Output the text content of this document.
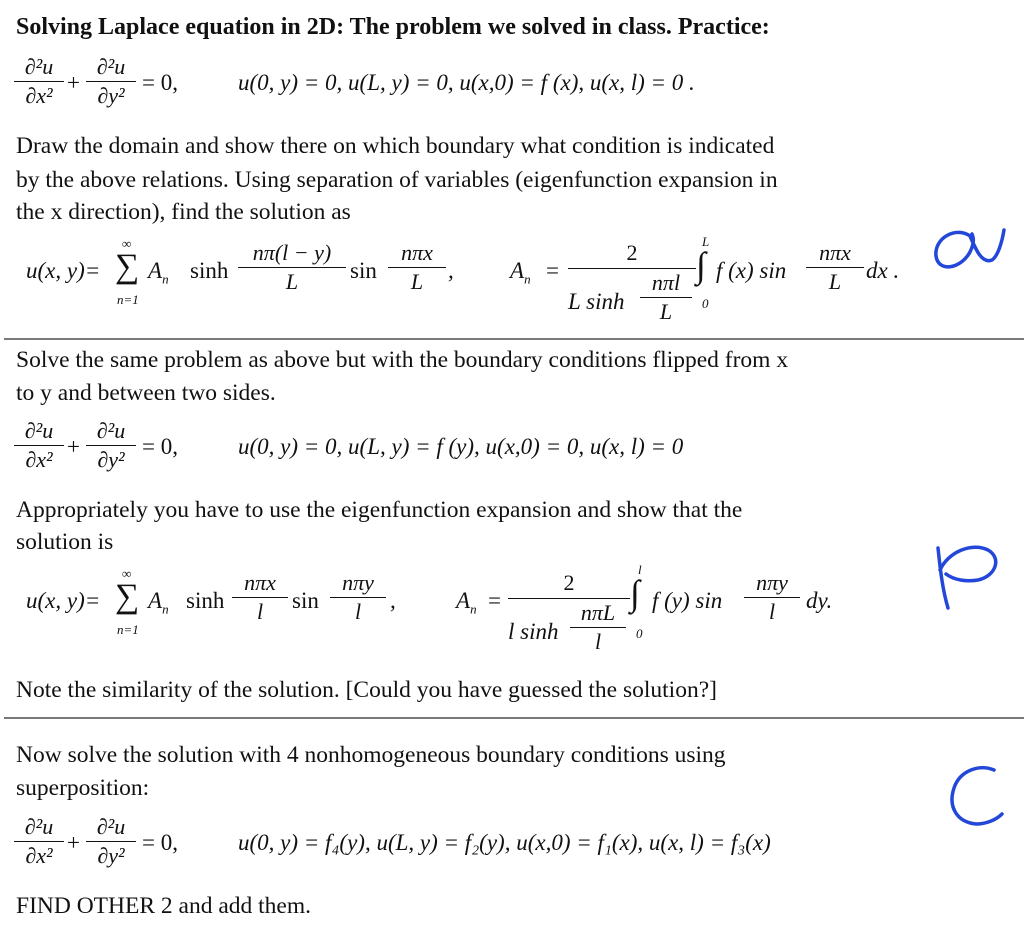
Solving Laplace equation in 2D: The problem we solved in class. Practice:
∂²u
∂x²
+
∂²u
∂y²
= 0,	u(0, y) = 0, u(L, y) = 0, u(x,0) = f (x), u(x, l) = 0 .
Draw the domain and show there on which boundary what condition is indicated
by the above relations. Using separation of variables (eigenfunction expansion in
the x direction), find the solution as
u(x, y)=
∞
∑
n=1
$A_n$ sinh
nπ(l − y)
L	sin
nπx
L	, $A_n$ =
2
L sinh
nπl
L
L
∫
0
f (x) sin
nπx
L	dx .
Solve the same problem as above but with the boundary conditions flipped from x
to y and between two sides.
∂²u
∂x²
+
∂²u
∂y²
= 0,	u(0, y) = 0, u(L, y) = f (y), u(x,0) = 0, u(x, l) = 0
Appropriately you have to use the eigenfunction expansion and show that the
solution is
u(x, y)=
∞
∑
n=1
$A_n$ sinh
nπx
l	sin
nπy
l	,	$A_n$ =
2
l sinh
nπL
l
l
∫
0
f (y) sin
nπy
l	dy.
Note the similarity of the solution. [Could you have guessed the solution?]
Now solve the solution with 4 nonhomogeneous boundary conditions using
superposition:
∂²u
∂x²
+
∂²u
∂y²
= 0,	u(0, y) = f₄(y), u(L, y) = f₂(y), u(x,0) = f₁(x), u(x, l) = f₃(x)
FIND OTHER 2 and add them.
